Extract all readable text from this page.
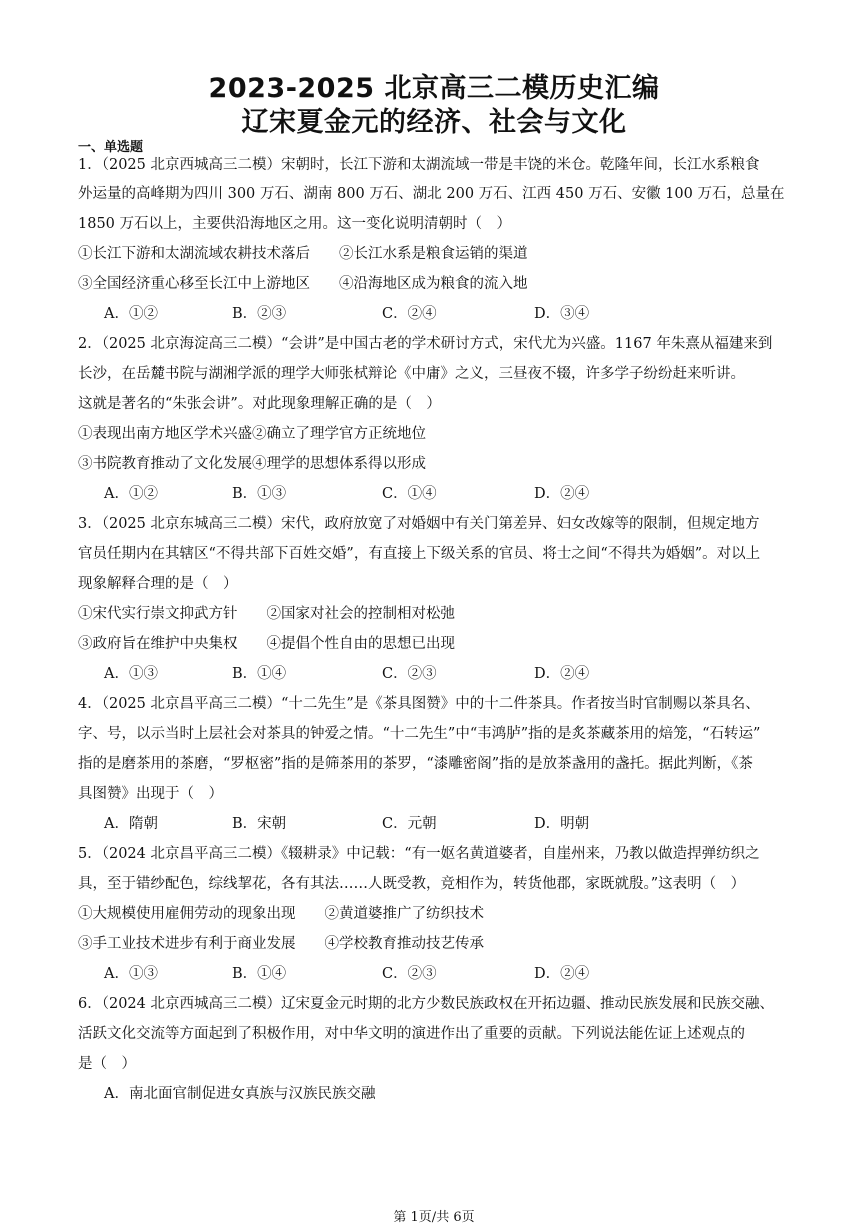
2023-2025 北京高三二模历史汇编
辽宋夏金元的经济、社会与文化
一、单选题
1．（2025 北京西城高三二模）宋朝时，长江下游和太湖流域一带是丰饶的米仓。乾隆年间，长江水系粮食
外运量的高峰期为四川 300 万石、湖南 800 万石、湖北 200 万石、江西 450 万石、安徽 100 万石，总量在
1850 万石以上，主要供沿海地区之用。这一变化说明清朝时（　）
①长江下游和太湖流域农耕技术落后　　②长江水系是粮食运销的渠道
③全国经济重心移至长江中上游地区　　④沿海地区成为粮食的流入地
A．①②	B．②③	C．②④	D．③④
2．（2025 北京海淀高三二模）“会讲”是中国古老的学术研讨方式，宋代尤为兴盛。1167 年朱熹从福建来到
长沙，在岳麓书院与湖湘学派的理学大师张栻辩论《中庸》之义，三昼夜不辍，许多学子纷纷赶来听讲。
这就是著名的“朱张会讲”。对此现象理解正确的是（　）
①表现出南方地区学术兴盛②确立了理学官方正统地位
③书院教育推动了文化发展④理学的思想体系得以形成
A．①②	B．①③	C．①④	D．②④
3．（2025 北京东城高三二模）宋代，政府放宽了对婚姻中有关门第差异、妇女改嫁等的限制，但规定地方
官员任期内在其辖区“不得共部下百姓交婚”，有直接上下级关系的官员、将士之间“不得共为婚姻”。对以上
现象解释合理的是（　）
①宋代实行崇文抑武方针　　②国家对社会的控制相对松弛
③政府旨在维护中央集权　　④提倡个性自由的思想已出现
A．①③	B．①④	C．②③	D．②④
4．（2025 北京昌平高三二模）“十二先生”是《茶具图赞》中的十二件茶具。作者按当时官制赐以茶具名、
字、号，以示当时上层社会对茶具的钟爱之情。“十二先生”中“韦鸿胪”指的是炙茶藏茶用的焙笼，“石转运”
指的是磨茶用的茶磨，“罗枢密”指的是筛茶用的茶罗，“漆雕密阁”指的是放茶盏用的盏托。据此判断，《茶
具图赞》出现于（　）
A．隋朝	B．宋朝	C．元朝	D．明朝
5．（2024 北京昌平高三二模）《辍耕录》中记载：“有一妪名黄道婆者，自崖州来，乃教以做造捍弹纺织之
具，至于错纱配色，综线挈花，各有其法……人既受教，竞相作为，转货他郡，家既就殷。”这表明（　）
①大规模使用雇佣劳动的现象出现　　②黄道婆推广了纺织技术
③手工业技术进步有利于商业发展　　④学校教育推动技艺传承
A．①③	B．①④	C．②③	D．②④
6．（2024 北京西城高三二模）辽宋夏金元时期的北方少数民族政权在开拓边疆、推动民族发展和民族交融、
活跃文化交流等方面起到了积极作用，对中华文明的演进作出了重要的贡献。下列说法能佐证上述观点的
是（　）
A．南北面官制促进女真族与汉族民族交融
第 1页/共 6页
